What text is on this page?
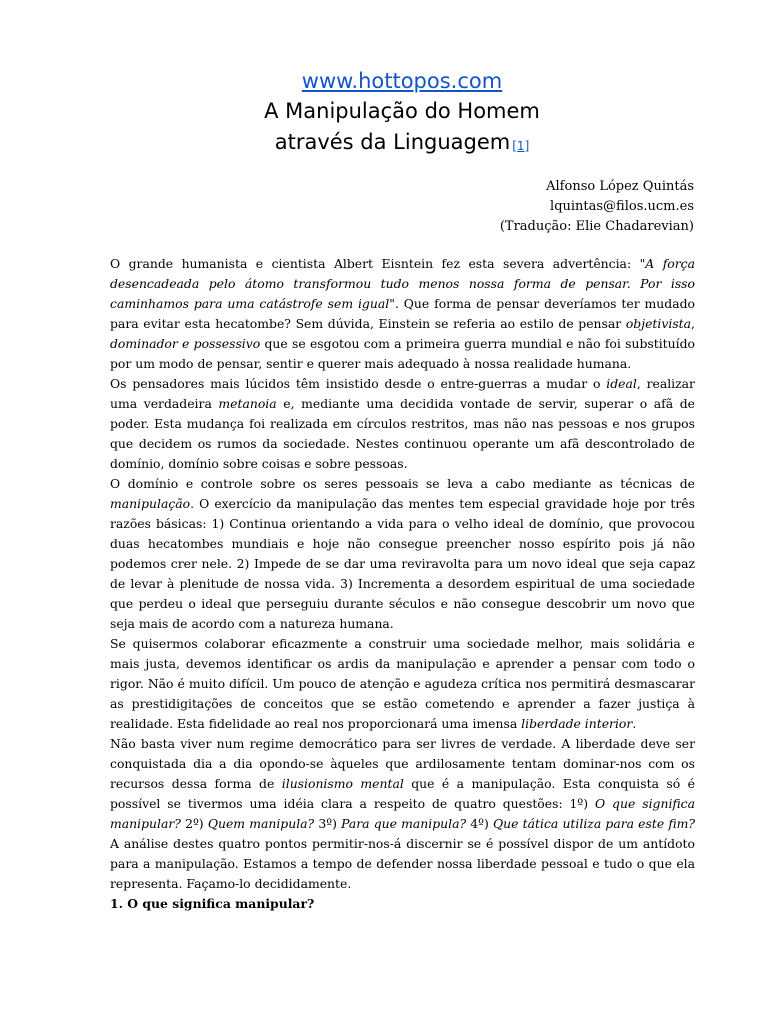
www.hottopos.com
A Manipulação do Homem
através da Linguagem [1]
Alfonso López Quintás
lquintas@filos.ucm.es
(Tradução: Elie Chadarevian)

O grande humanista e cientista Albert Eisntein fez esta severa advertência: "A força desencadeada pelo átomo transformou tudo menos nossa forma de pensar. Por isso caminhamos para uma catástrofe sem igual". Que forma de pensar deveríamos ter mudado para evitar esta hecatombe? Sem dúvida, Einstein se referia ao estilo de pensar objetivista, dominador e possessivo que se esgotou com a primeira guerra mundial e não foi substituído por um modo de pensar, sentir e querer mais adequado à nossa realidade humana.

Os pensadores mais lúcidos têm insistido desde o entre-guerras a mudar o ideal, realizar uma verdadeira metanoia e, mediante uma decidida vontade de servir, superar o afã de poder. Esta mudança foi realizada em círculos restritos, mas não nas pessoas e nos grupos que decidem os rumos da sociedade. Nestes continuou operante um afã descontrolado de domínio, domínio sobre coisas e sobre pessoas.

O domínio e controle sobre os seres pessoais se leva a cabo mediante as técnicas de manipulação. O exercício da manipulação das mentes tem especial gravidade hoje por três razões básicas: 1) Continua orientando a vida para o velho ideal de domínio, que provocou duas hecatombes mundiais e hoje não consegue preencher nosso espírito pois já não podemos crer nele. 2) Impede de se dar uma reviravolta para um novo ideal que seja capaz de levar à plenitude de nossa vida. 3) Incrementa a desordem espiritual de uma sociedade que perdeu o ideal que perseguiu durante séculos e não consegue descobrir um novo que seja mais de acordo com a natureza humana.

Se quisermos colaborar eficazmente a construir uma sociedade melhor, mais solidária e mais justa, devemos identificar os ardis da manipulação e aprender a pensar com todo o rigor. Não é muito difícil. Um pouco de atenção e agudeza crítica nos permitirá desmascarar as prestidigitações de conceitos que se estão cometendo e aprender a fazer justiça à realidade. Esta fidelidade ao real nos proporcionará uma imensa liberdade interior.

Não basta viver num regime democrático para ser livres de verdade. A liberdade deve ser conquistada dia a dia opondo-se àqueles que ardilosamente tentam dominar-nos com os recursos dessa forma de ilusionismo mental que é a manipulação. Esta conquista só é possível se tivermos uma idéia clara a respeito de quatro questões: 1º) O que significa manipular? 2º) Quem manipula? 3º) Para que manipula? 4º) Que tática utiliza para este fim? A análise destes quatro pontos permitir-nos-á discernir se é possível dispor de um antídoto para a manipulação. Estamos a tempo de defender nossa liberdade pessoal e tudo o que ela representa. Façamo-lo decididamente.

1. O que significa manipular?
